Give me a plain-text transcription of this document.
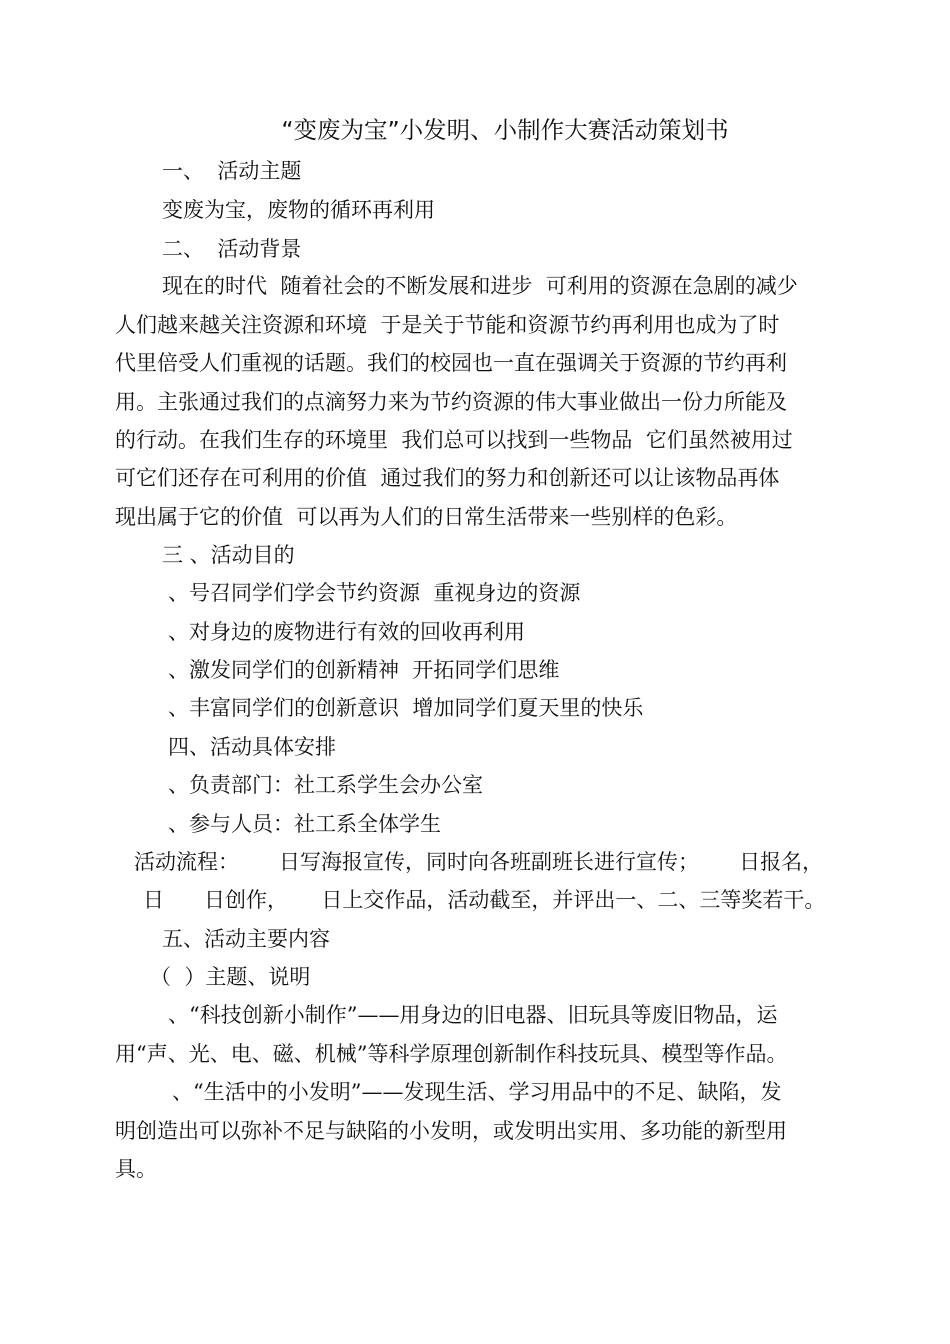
“变废为宝”小发明、小制作大赛活动策划书
一、  活动主题
变废为宝，废物的循环再利用
二、  活动背景
现在的时代  随着社会的不断发展和进步  可利用的资源在急剧的减少
人们越来越关注资源和环境  于是关于节能和资源节约再利用也成为了时
代里倍受人们重视的话题。我们的校园也一直在强调关于资源的节约再利
用。主张通过我们的点滴努力来为节约资源的伟大事业做出一份力所能及
的行动。在我们生存的环境里  我们总可以找到一些物品  它们虽然被用过
可它们还存在可利用的价值  通过我们的努力和创新还可以让该物品再体
现出属于它的价值  可以再为人们的日常生活带来一些别样的色彩。
三 、活动目的
、号召同学们学会节约资源  重视身边的资源
、对身边的废物进行有效的回收再利用
、激发同学们的创新精神  开拓同学们思维
、丰富同学们的创新意识  增加同学们夏天里的快乐
四、活动具体安排
、负责部门：社工系学生会办公室
、参与人员：社工系全体学生
活动流程：      日写海报宣传，同时向各班副班长进行宣传；      日报名，
日      日创作，     日上交作品，活动截至，并评出一、二、三等奖若干。
五、活动主要内容
（  ）主题、说明
、“科技创新小制作”——用身边的旧电器、旧玩具等废旧物品，运
用“声、光、电、磁、机械”等科学原理创新制作科技玩具、模型等作品。
、“生活中的小发明”——发现生活、学习用品中的不足、缺陷，发
明创造出可以弥补不足与缺陷的小发明，或发明出实用、多功能的新型用
具。
